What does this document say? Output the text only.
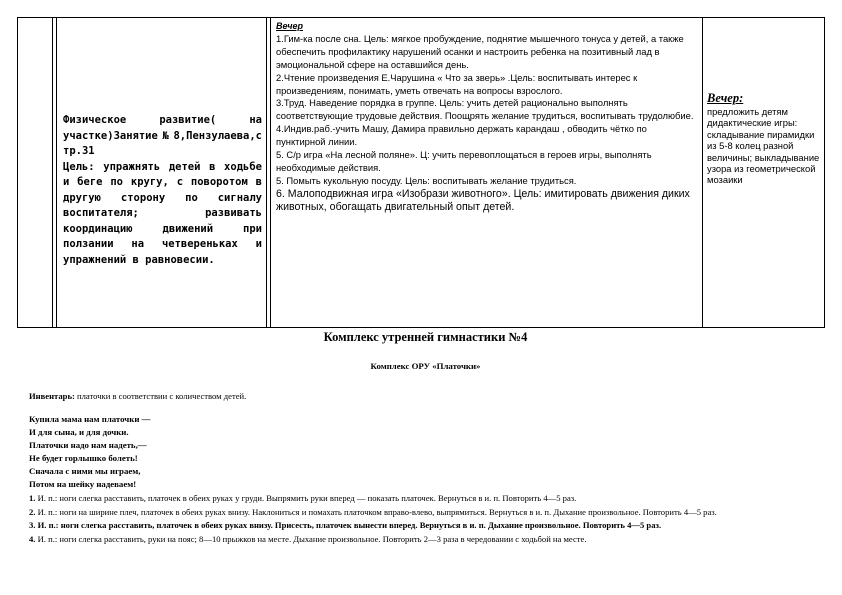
Физическое развитие( на участке)Занятие№8,Пензулаева,с тр.31
Цель: упражнять детей в ходьбе и беге по кругу, с поворотом в другую сторону по сигналу воспитателя; развивать координацию движений при ползании на четвереньках и упражнений в равновесии.
Вечер
1.Гим-ка после сна. Цель: мягкое пробуждение, поднятие мышечного тонуса у детей, а также обеспечить профилактику нарушений осанки и настроить ребенка на позитивный лад в эмоциональной сфере на оставшийся день.
2.Чтение произведения Е.Чарушина « Что за зверь» .Цель: воспитывать интерес к произведениям, понимать, уметь отвечать на вопросы взрослого.
3.Труд. Наведение порядка в группе. Цель: учить детей рационально выполнять соответствующие трудовые действия. Поощрять желание трудиться, воспитывать трудолюбие.
4.Индив.раб.-учить Машу, Дамира правильно держать карандаш , обводить чётко по пунктирной линии.
5. С/р игра «На лесной поляне». Ц: учить перевоплощаться в героев игры, выполнять необходимые действия.
5. Помыть кукольную посуду. Цель: воспитывать желание трудиться.
6. Малоподвижная игра «Изобрази животного». Цель: имитировать движения диких животных, обогащать двигательный опыт детей.
Вечер:
предложить детям дидактические игры: складывание пирамидки из 5-8 колец разной величины; выкладывание узора из геометрической мозаики
Комплекс утренней гимнастики №4
Комплекс ОРУ «Платочки»
Инвентарь: платочки в соответствии с количеством детей.
Купила мама нам платочки —
И для сына, и для дочки.
Платочки надо нам надеть,—
Не будет горлышко болеть!
Сначала с ними мы играем,
Потом на шейку надеваем!
1. И. п.: ноги слегка расставить, платочек в обеих руках у груди. Выпрямить руки вперед — показать платочек. Вернуться в и. п. Повторить 4—5 раз.
2. И. п.: ноги на ширине плеч, платочек в обеих руках внизу. Наклониться и помахать платочком вправо-влево, выпрямиться. Вернуться в и. п. Дыхание произвольное. Повторить 4—5 раз.
3. И. п.: ноги слегка расставить, платочек в обеих руках внизу. Присесть, платочек вынести вперед. Вернуться в и. п. Дыхание произвольное. Повторить 4—5 раз.
4. И. п.: ноги слегка расставить, руки на пояс; 8—10 прыжков на месте. Дыхание произвольное. Повторить 2—3 раза в чередовании с ходьбой на месте.
